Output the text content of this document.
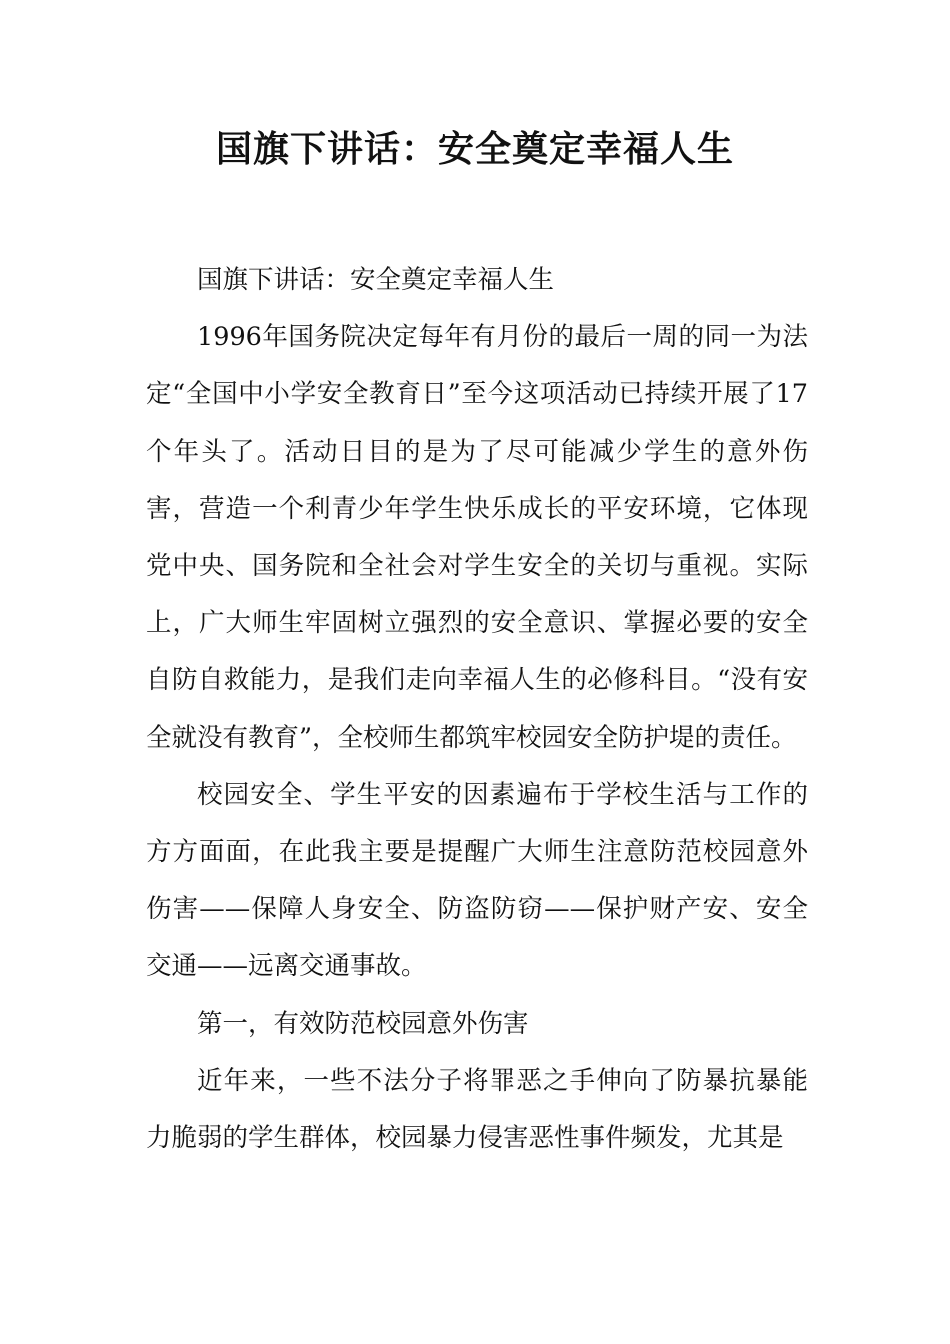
国旗下讲话：安全奠定幸福人生

国旗下讲话：安全奠定幸福人生

1996年国务院决定每年有月份的最后一周的同一为法定“全国中小学安全教育日”至今这项活动已持续开展了17个年头了。活动日目的是为了尽可能减少学生的意外伤害，营造一个利青少年学生快乐成长的平安环境，它体现党中央、国务院和全社会对学生安全的关切与重视。实际上，广大师生牢固树立强烈的安全意识、掌握必要的安全自防自救能力，是我们走向幸福人生的必修科目。“没有安全就没有教育”，全校师生都筑牢校园安全防护堤的责任。

校园安全、学生平安的因素遍布于学校生活与工作的方方面面，在此我主要是提醒广大师生注意防范校园意外伤害——保障人身安全、防盗防窃——保护财产安、安全交通——远离交通事故。

第一，有效防范校园意外伤害

近年来，一些不法分子将罪恶之手伸向了防暴抗暴能力脆弱的学生群体，校园暴力侵害恶性事件频发，尤其是
